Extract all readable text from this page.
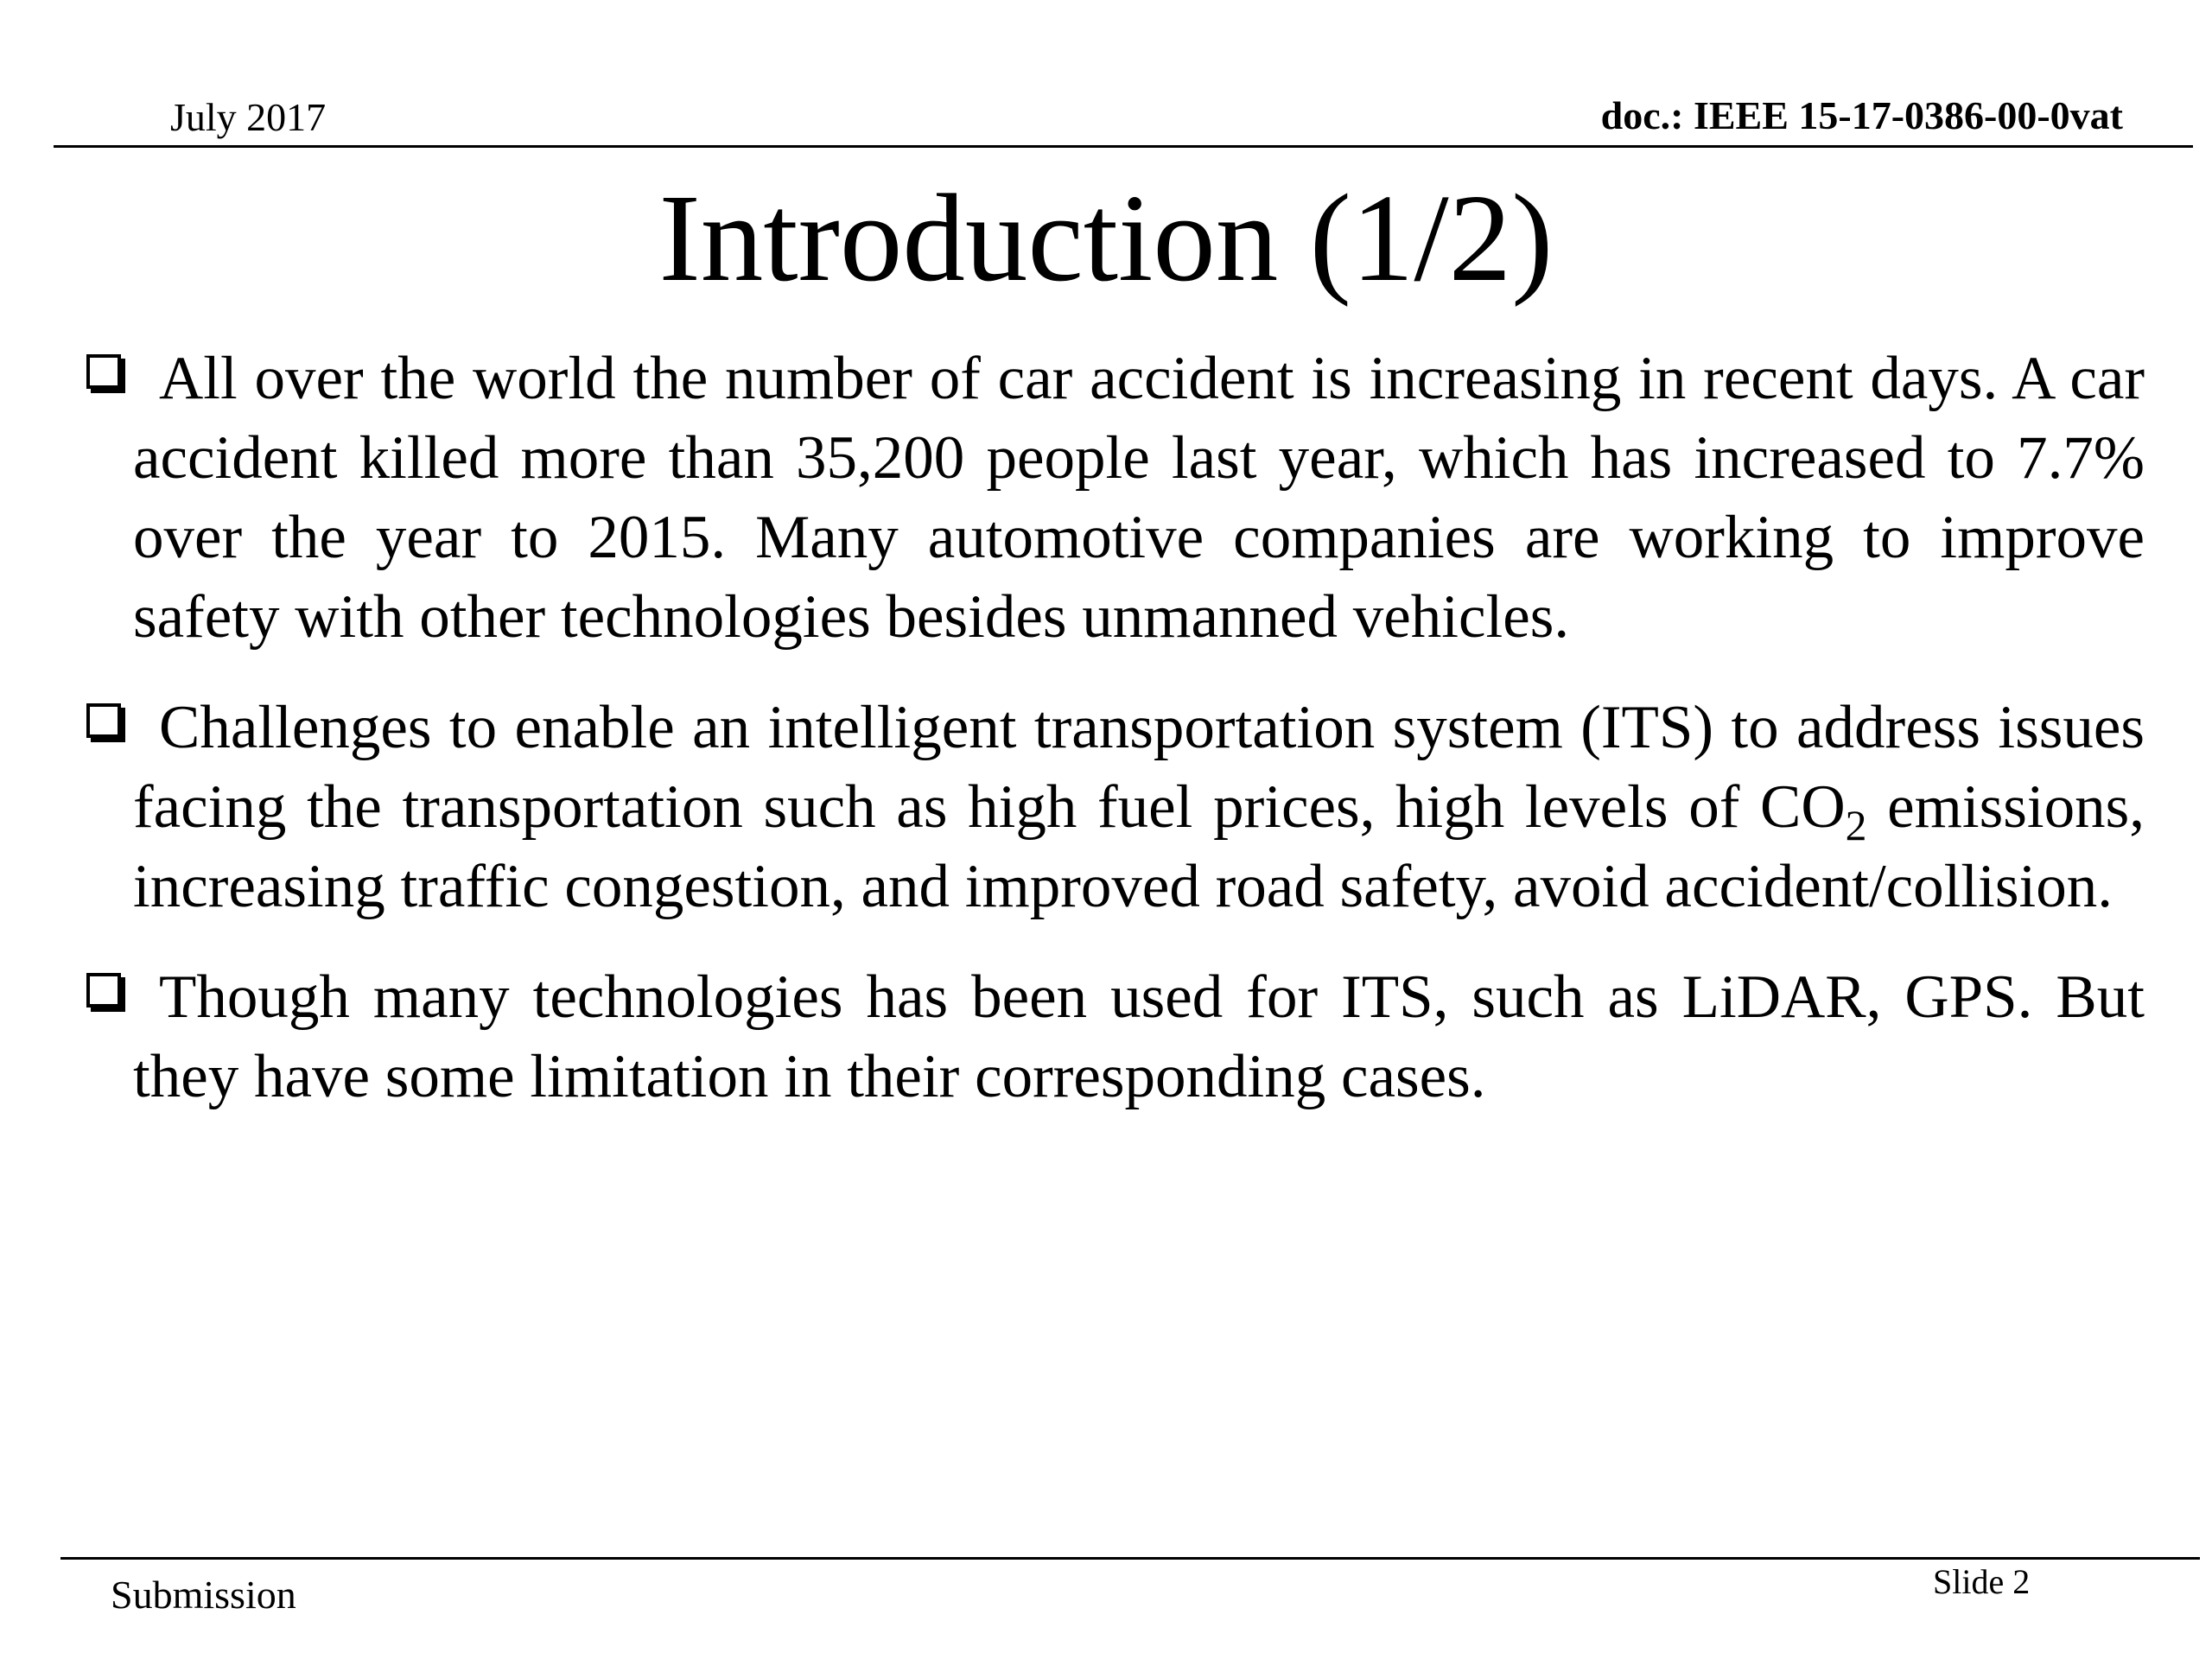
July 2017	doc.: IEEE 15-17-0386-00-0vat
Introduction (1/2)
All over the world the number of car accident is increasing in recent days. A car accident killed more than 35,200 people last year, which has increased to 7.7% over the year to 2015. Many automotive companies are working to improve safety with other technologies besides unmanned vehicles.
Challenges to enable an intelligent transportation system (ITS) to address issues facing the transportation such as high fuel prices, high levels of $CO_2$ emissions, increasing traffic congestion, and improved road safety, avoid accident/collision.
Though many technologies has been used for ITS, such as LiDAR, GPS. But they have some limitation in their corresponding cases.
Submission	Slide 2
